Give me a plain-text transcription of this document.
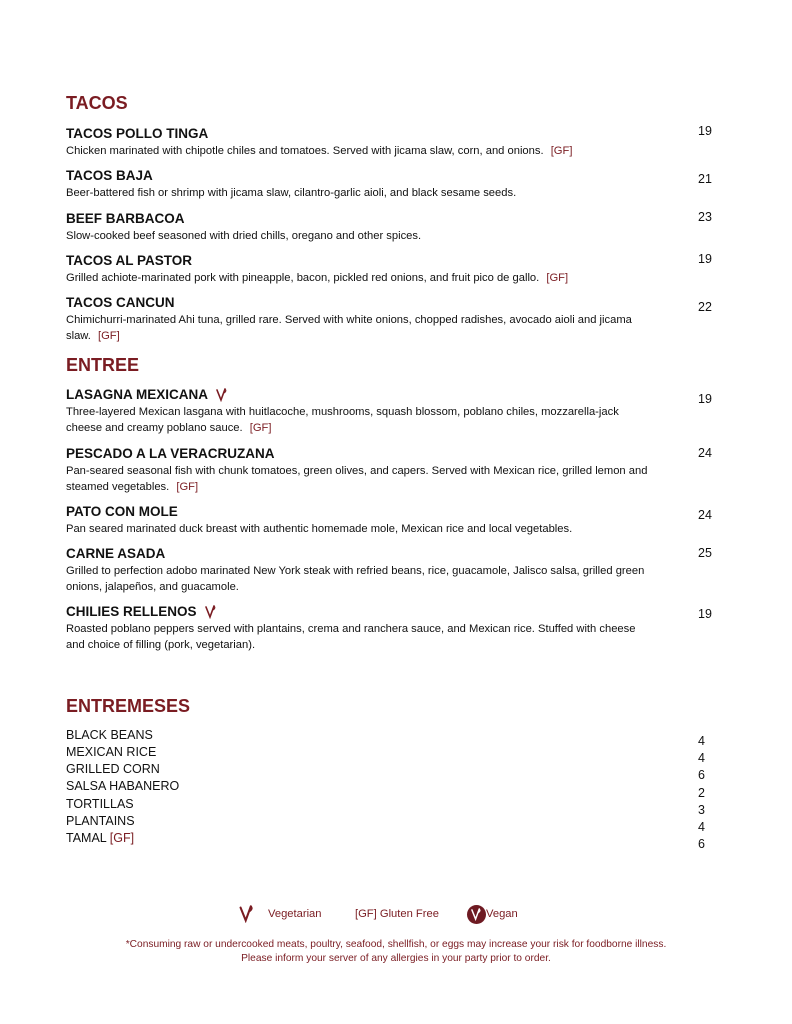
TACOS
TACOS POLLO TINGA
Chicken marinated with chipotle chiles and tomatoes. Served with jicama slaw, corn, and onions. [GF]
19
TACOS BAJA
Beer-battered fish or shrimp with jicama slaw, cilantro-garlic aioli, and black sesame seeds.
21
BEEF BARBACOA
Slow-cooked beef seasoned with dried chills, oregano and other spices.
23
TACOS AL PASTOR
Grilled achiote-marinated pork with pineapple, bacon, pickled red onions, and fruit pico de gallo. [GF]
19
TACOS CANCUN
Chimichurri-marinated Ahi tuna, grilled rare. Served with white onions, chopped radishes, avocado aioli and jicama slaw. [GF]
22
ENTREE
LASAGNA MEXICANA
Three-layered Mexican lasgana with huitlacoche, mushrooms, squash blossom, poblano chiles, mozzarella-jack cheese and creamy poblano sauce. [GF]
19
PESCADO A LA VERACRUZANA
Pan-seared seasonal fish with chunk tomatoes, green olives, and capers. Served with Mexican rice, grilled lemon and steamed vegetables. [GF]
24
PATO CON MOLE
Pan seared marinated duck breast with authentic homemade mole, Mexican rice and local vegetables.
24
CARNE ASADA
Grilled to perfection adobo marinated New York steak with refried beans, rice, guacamole, Jalisco salsa, grilled green onions, jalapeños, and guacamole.
25
CHILIES RELLENOS
Roasted poblano peppers served with plantains, crema and ranchera sauce, and Mexican rice. Stuffed with cheese and choice of filling (pork, vegetarian).
19
ENTREMESES
BLACK BEANS
MEXICAN RICE
GRILLED CORN
SALSA HABANERO
TORTILLAS
PLANTAINS
TAMAL [GF]
4
4
6
2
3
4
6
Vegetarian	[GF] Gluten Free	Vegan
*Consuming raw or undercooked meats, poultry, seafood, shellfish, or eggs may increase your risk for foodborne illness.
Please inform your server of any allergies in your party prior to order.
